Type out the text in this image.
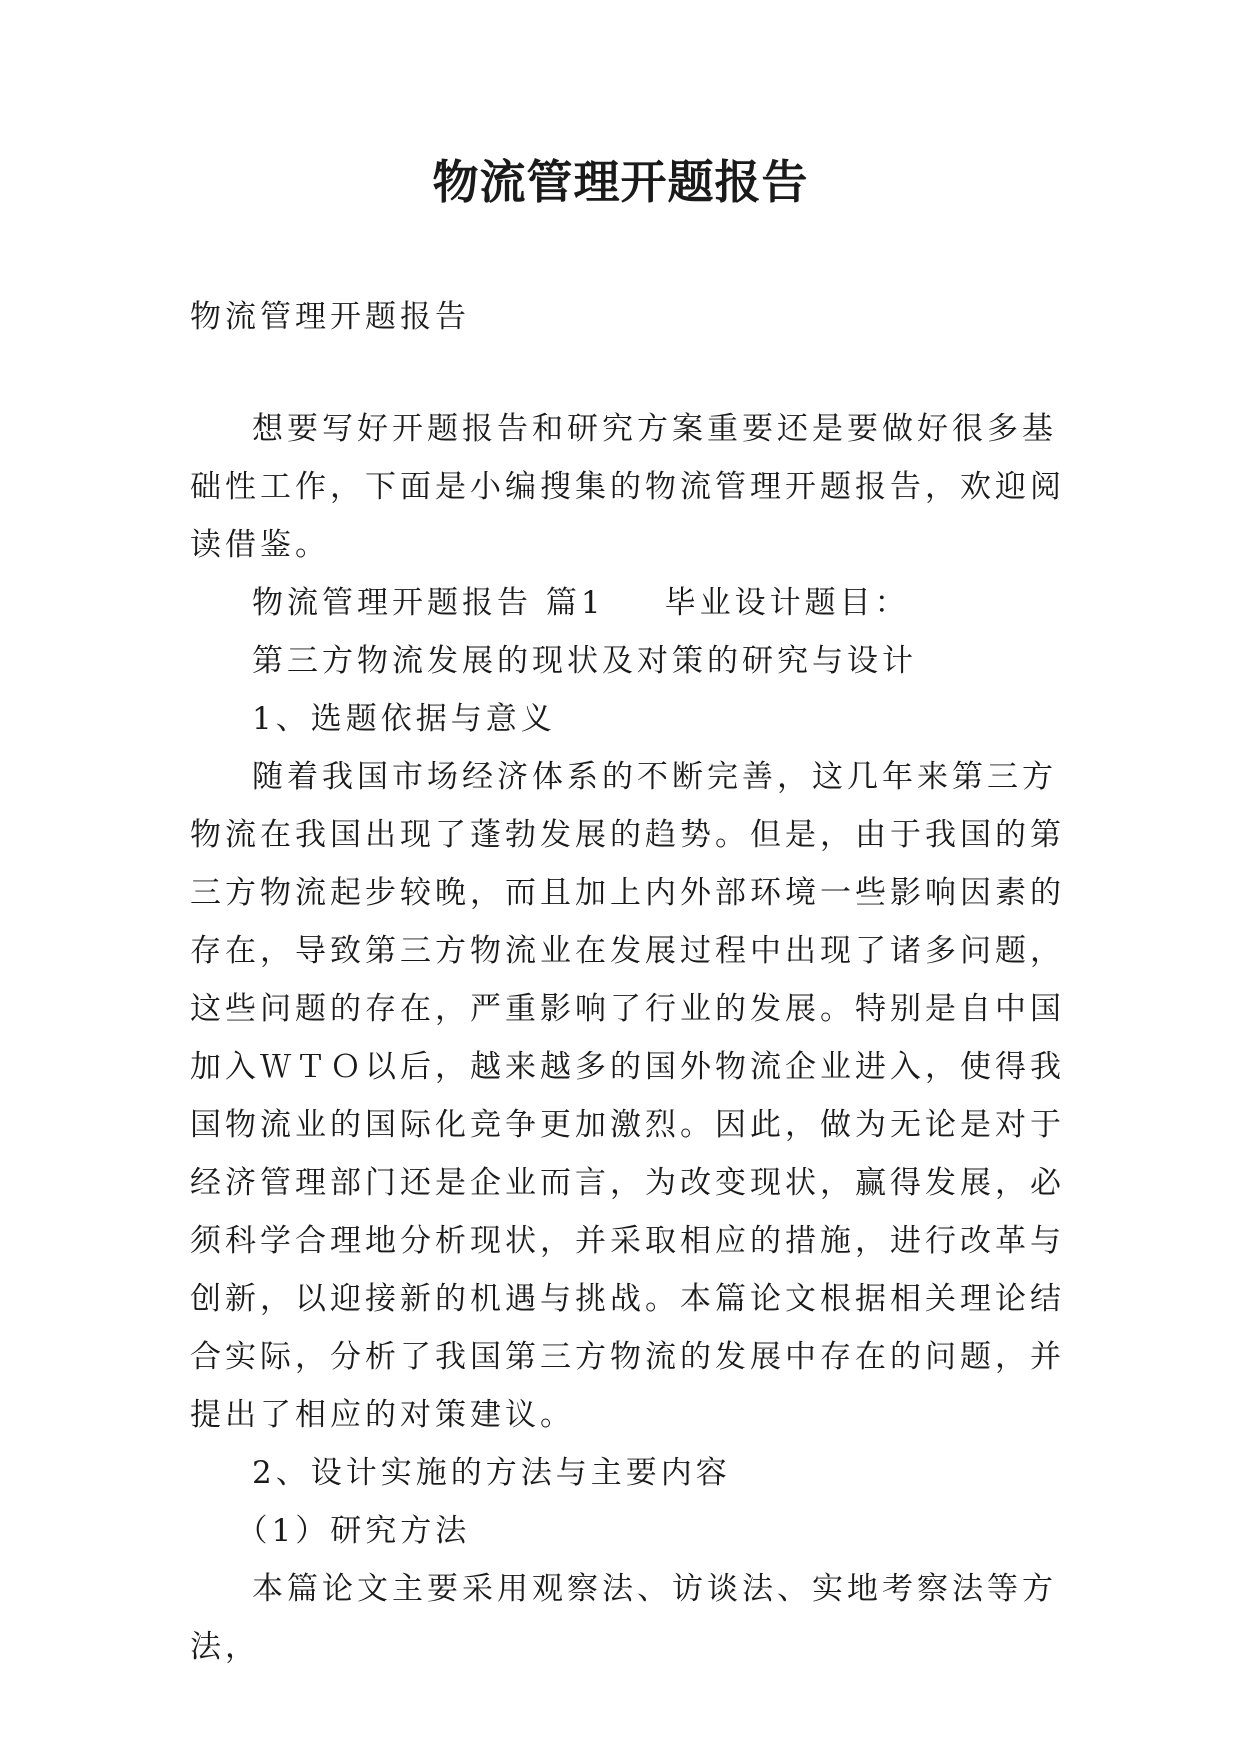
物流管理开题报告
物流管理开题报告

想要写好开题报告和研究方案重要还是要做好很多基础性工作，下面是小编搜集的物流管理开题报告，欢迎阅读借鉴。

物流管理开题报告 篇1 毕业设计题目：

第三方物流发展的现状及对策的研究与设计

1、选题依据与意义

随着我国市场经济体系的不断完善，这几年来第三方物流在我国出现了蓬勃发展的趋势。但是，由于我国的第三方物流起步较晚，而且加上内外部环境一些影响因素的存在，导致第三方物流业在发展过程中出现了诸多问题，这些问题的存在，严重影响了行业的发展。特别是自中国加入ＷＴＯ以后，越来越多的国外物流企业进入，使得我国物流业的国际化竞争更加激烈。因此，做为无论是对于经济管理部门还是企业而言，为改变现状，赢得发展，必须科学合理地分析现状，并采取相应的措施，进行改革与创新，以迎接新的机遇与挑战。本篇论文根据相关理论结合实际，分析了我国第三方物流的发展中存在的问题，并提出了相应的对策建议。

2、设计实施的方法与主要内容

（1）研究方法

本篇论文主要采用观察法、访谈法、实地考察法等方法，
